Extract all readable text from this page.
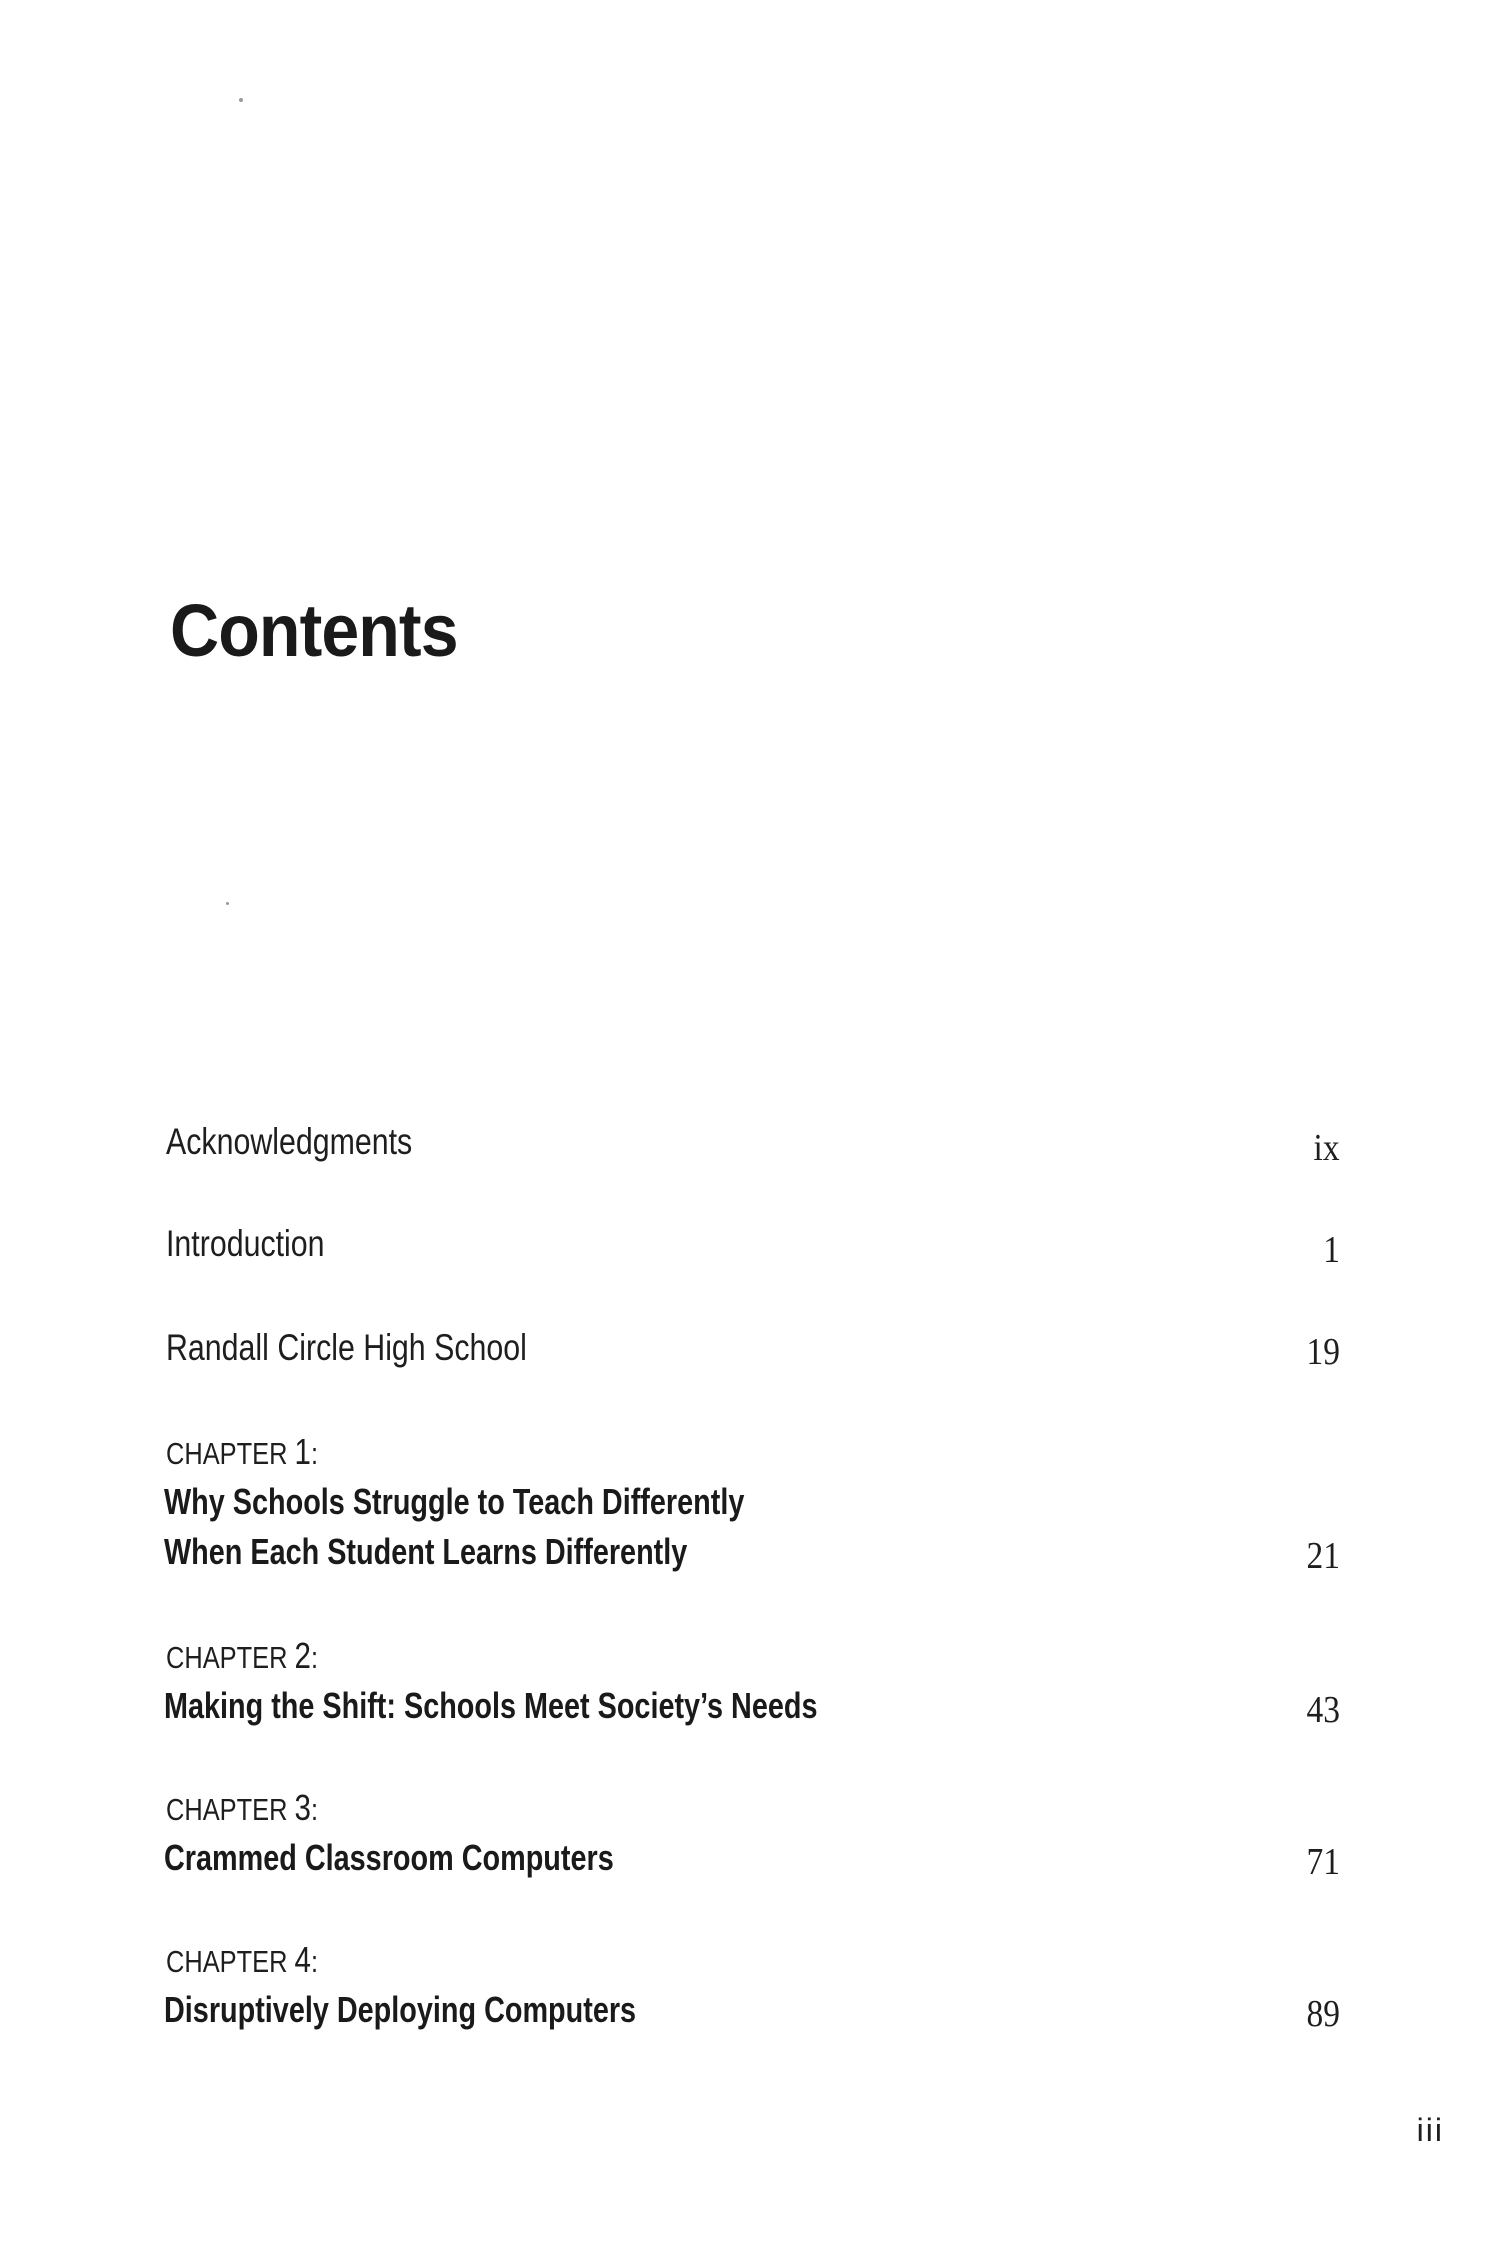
Contents
Acknowledgments	ix
Introduction	1
Randall Circle High School	19
CHAPTER 1:
Why Schools Struggle to Teach Differently
When Each Student Learns Differently	21
CHAPTER 2:
Making the Shift: Schools Meet Society’s Needs	43
CHAPTER 3:
Crammed Classroom Computers	71
CHAPTER 4:
Disruptively Deploying Computers	89
iii
